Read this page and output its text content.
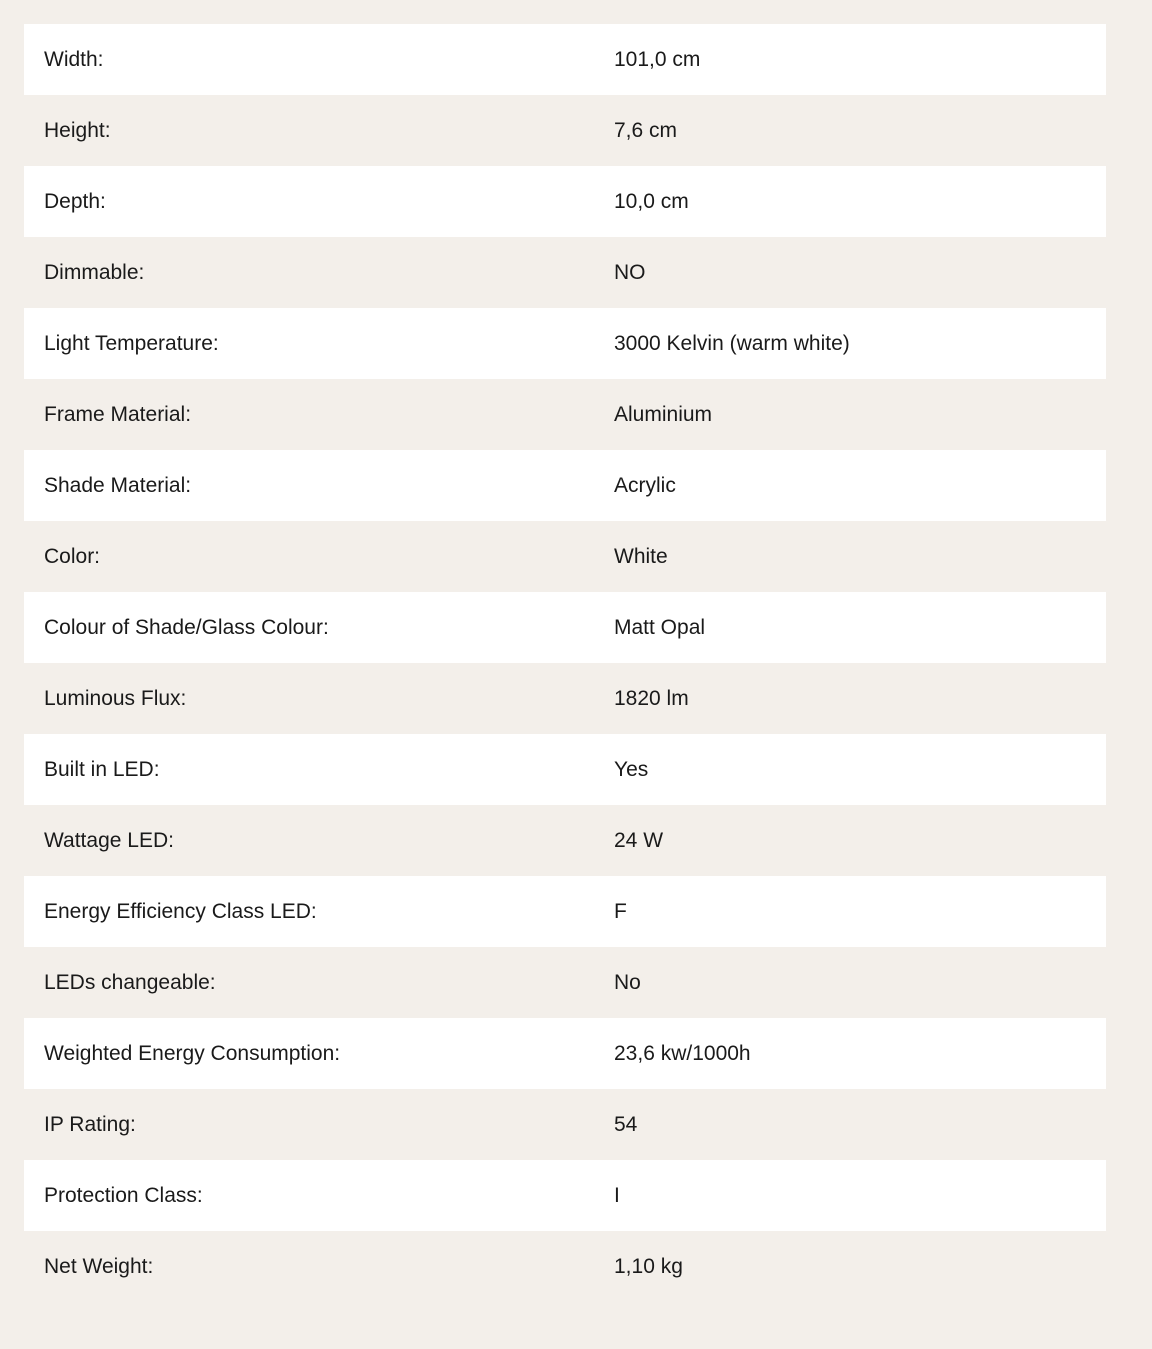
Width:	101,0 cm
Height:	7,6 cm
Depth:	10,0 cm
Dimmable:	NO
Light Temperature:	3000 Kelvin (warm white)
Frame Material:	Aluminium
Shade Material:	Acrylic
Color:	White
Colour of Shade/Glass Colour:	Matt Opal
Luminous Flux:	1820 lm
Built in LED:	Yes
Wattage LED:	24 W
Energy Efficiency Class LED:	F
LEDs changeable:	No
Weighted Energy Consumption:	23,6 kw/1000h
IP Rating:	54
Protection Class:	I
Net Weight:	1,10 kg
